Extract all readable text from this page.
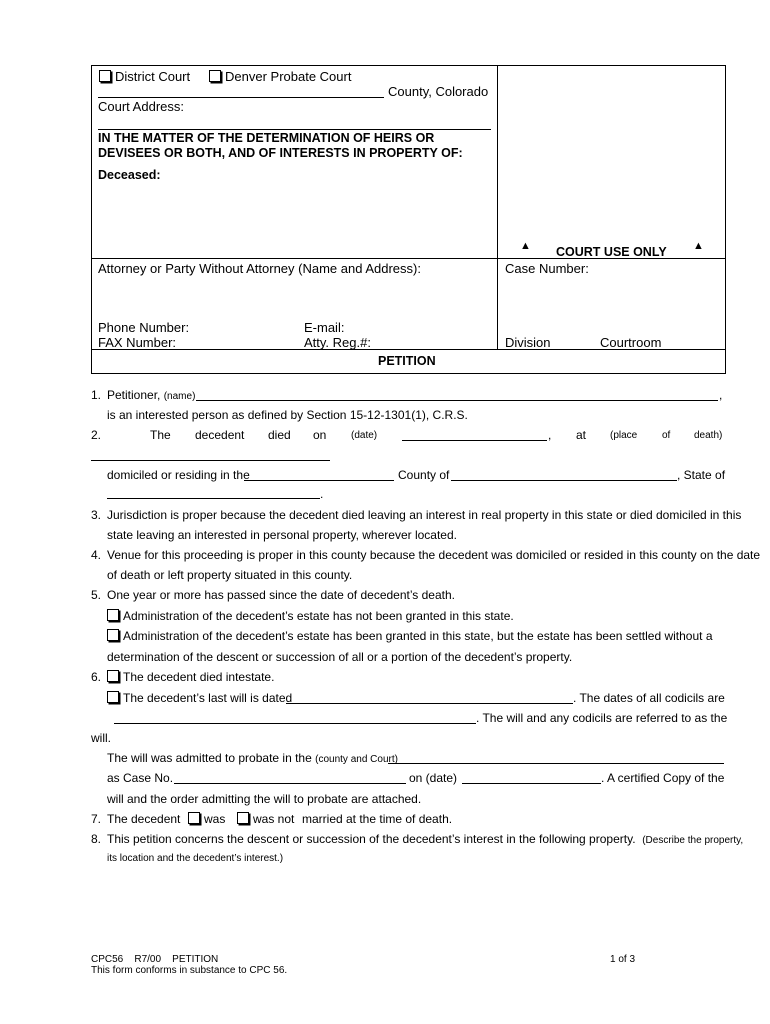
District Court	Denver Probate Court
County, Colorado
Court Address:
IN THE MATTER OF THE DETERMINATION OF HEIRS OR
DEVISEES OR BOTH, AND OF INTERESTS IN PROPERTY OF:
Deceased:
▲ COURT USE ONLY ▲
Attorney or Party Without Attorney (Name and Address):	Case Number:
Phone Number:	E-mail:
FAX Number:	Atty. Reg.#:	Division	Courtroom
PETITION
1. Petitioner, (name)	,
is an interested person as defined by Section 15-12-1301(1), C.R.S.
2.	The decedent died on (date)	, at (place of death)
domiciled or residing in the	County of	, State of
.
3. Jurisdiction is proper because the decedent died leaving an interest in real property in this state or died domiciled in this
state leaving an interested in personal property, wherever located.
4. Venue for this proceeding is proper in this county because the decedent was domiciled or resided in this county on the date
of death or left property situated in this county.
5. One year or more has passed since the date of decedent’s death.
Administration of the decedent’s estate has not been granted in this state.
Administration of the decedent’s estate has been granted in this state, but the estate has been settled without a
determination of the descent or succession of all or a portion of the decedent’s property.
6.	The decedent died intestate.
The decedent’s last will is dated	. The dates of all codicils are
. The will and any codicils are referred to as the
will.
The will was admitted to probate in the (county and Court)
as Case No.	on (date)	. A certified Copy of the
will and the order admitting the will to probate are attached.
7. The decedent	was	was not married at the time of death.
8. This petition concerns the descent or succession of the decedent’s interest in the following property. (Describe the property,
its location and the decedent’s interest.)
CPC56    R7/00    PETITION
This form conforms in substance to CPC 56.
1 of 3
